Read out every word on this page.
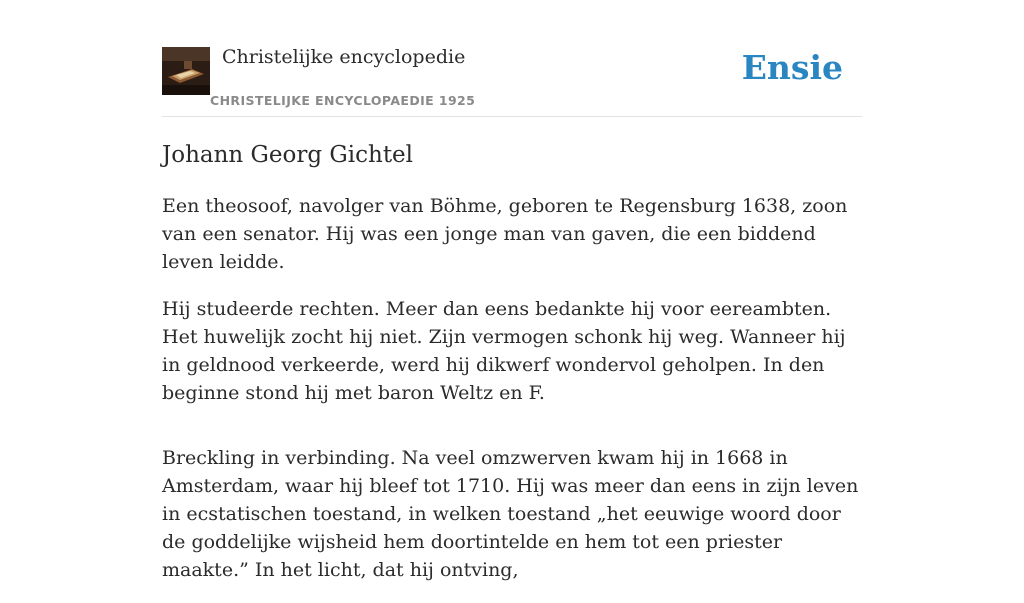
Christelijke encyclopedie
CHRISTELIJKE ENCYCLOPAEDIE 1925
Ensie
Johann Georg Gichtel

Een theosoof, navolger van Böhme, geboren te Regensburg 1638, zoon van een senator. Hij was een jonge man van gaven, die een biddend leven leidde.

Hij studeerde rechten. Meer dan eens bedankte hij voor eereambten. Het huwelijk zocht hij niet. Zijn vermogen schonk hij weg. Wanneer hij in geldnood verkeerde, werd hij dikwerf wondervol geholpen. In den beginne stond hij met baron Weltz en F.

Breckling in verbinding. Na veel omzwerven kwam hij in 1668 in Amsterdam, waar hij bleef tot 1710. Hij was meer dan eens in zijn leven in ecstatischen toestand, in welken toestand „het eeuwige woord door de goddelijke wijsheid hem doortintelde en hem tot een priester maakte.” In het licht, dat hij ontving,
